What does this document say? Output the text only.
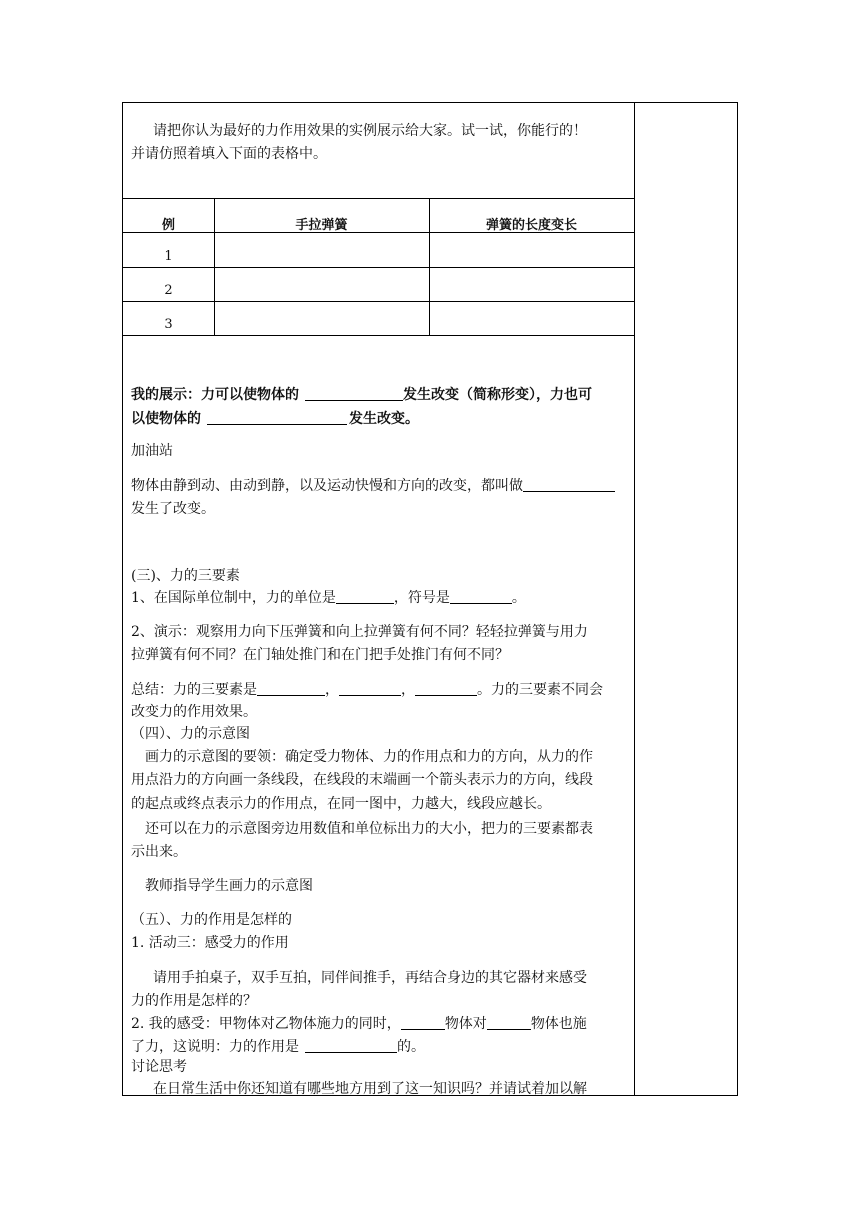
请把你认为最好的力作用效果的实例展示给大家。试一试，你能行的！
并请仿照着填入下面的表格中。
例	手拉弹簧	弹簧的长度变长
1
2
3
我的展示：力可以使物体的	发生改变（简称形变），力也可
以使物体的	发生改变。
加油站
物体由静到动、由动到静，以及运动快慢和方向的改变，都叫做
发生了改变。
(三)、力的三要素
1、在国际单位制中，力的单位是	，符号是	。
2、演示：观察用力向下压弹簧和向上拉弹簧有何不同？轻轻拉弹簧与用力
拉弹簧有何不同？在门轴处推门和在门把手处推门有何不同？
总结：力的三要素是	，	，	。力的三要素不同会
改变力的作用效果。
（四）、力的示意图
画力的示意图的要领：确定受力物体、力的作用点和力的方向，从力的作
用点沿力的方向画一条线段，在线段的末端画一个箭头表示力的方向，线段
的起点或终点表示力的作用点，在同一图中，力越大，线段应越长。
还可以在力的示意图旁边用数值和单位标出力的大小，把力的三要素都表
示出来。
教师指导学生画力的示意图
（五）、力的作用是怎样的
1. 活动三：感受力的作用
请用手拍桌子，双手互拍，同伴间推手，再结合身边的其它器材来感受
力的作用是怎样的？
2. 我的感受：甲物体对乙物体施力的同时，	物体对	物体也施
了力，这说明：力的作用是	的。
讨论思考
在日常生活中你还知道有哪些地方用到了这一知识吗？并请试着加以解
